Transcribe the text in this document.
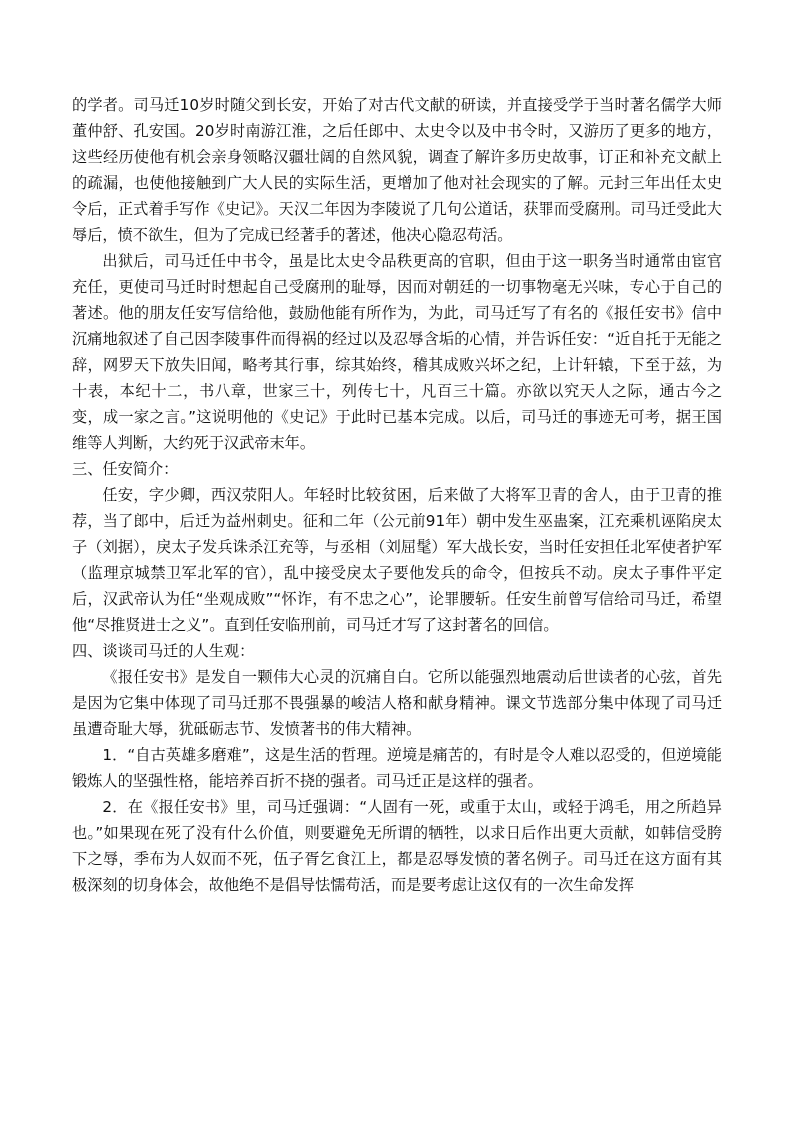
的学者。司马迁10岁时随父到长安，开始了对古代文献的研读，并直接受学于当时著名儒学大师董仲舒、孔安国。20岁时南游江淮，之后任郎中、太史令以及中书令时，又游历了更多的地方，这些经历使他有机会亲身领略汉疆壮阔的自然风貌，调查了解许多历史故事，订正和补充文献上的疏漏，也使他接触到广大人民的实际生活，更增加了他对社会现实的了解。元封三年出任太史令后，正式着手写作《史记》。天汉二年因为李陵说了几句公道话，获罪而受腐刑。司马迁受此大辱后，愤不欲生，但为了完成已经著手的著述，他决心隐忍苟活。

出狱后，司马迁任中书令，虽是比太史令品秩更高的官职，但由于这一职务当时通常由宦官充任，更使司马迁时时想起自己受腐刑的耻辱，因而对朝廷的一切事物毫无兴味，专心于自己的著述。他的朋友任安写信给他，鼓励他能有所作为，为此，司马迁写了有名的《报任安书》信中沉痛地叙述了自己因李陵事件而得祸的经过以及忍辱含垢的心情，并告诉任安：“近自托于无能之辞，网罗天下放失旧闻，略考其行事，综其始终，稽其成败兴坏之纪，上计轩辕，下至于兹，为十表，本纪十二，书八章，世家三十，列传七十，凡百三十篇。亦欲以究天人之际，通古今之变，成一家之言。”这说明他的《史记》于此时已基本完成。以后，司马迁的事迹无可考，据王国维等人判断，大约死于汉武帝末年。

三、任安简介：

任安，字少卿，西汉荥阳人。年轻时比较贫困，后来做了大将军卫青的舍人，由于卫青的推荐，当了郎中，后迁为益州刺史。征和二年（公元前91年）朝中发生巫蛊案，江充乘机诬陷戾太子（刘据），戾太子发兵诛杀江充等，与丞相（刘屈髦）军大战长安，当时任安担任北军使者护军（监理京城禁卫军北军的官），乱中接受戾太子要他发兵的命令，但按兵不动。戾太子事件平定后，汉武帝认为任“坐观成败”“怀诈，有不忠之心”，论罪腰斩。任安生前曾写信给司马迁，希望他“尽推贤进士之义”。直到任安临刑前，司马迁才写了这封著名的回信。

四、谈谈司马迁的人生观：

《报任安书》是发自一颗伟大心灵的沉痛自白。它所以能强烈地震动后世读者的心弦，首先是因为它集中体现了司马迁那不畏强暴的峻洁人格和献身精神。课文节选部分集中体现了司马迁虽遭奇耻大辱，犹砥砺志节、发愤著书的伟大精神。

1．“自古英雄多磨难”，这是生活的哲理。逆境是痛苦的，有时是令人难以忍受的，但逆境能锻炼人的坚强性格，能培养百折不挠的强者。司马迁正是这样的强者。

2．在《报任安书》里，司马迁强调：“人固有一死，或重于太山，或轻于鸿毛，用之所趋异也。”如果现在死了没有什么价值，则要避免无所谓的牺牲，以求日后作出更大贡献，如韩信受胯下之辱，季布为人奴而不死，伍子胥乞食江上，都是忍辱发愤的著名例子。司马迁在这方面有其极深刻的切身体会，故他绝不是倡导怯懦苟活，而是要考虑让这仅有的一次生命发挥
